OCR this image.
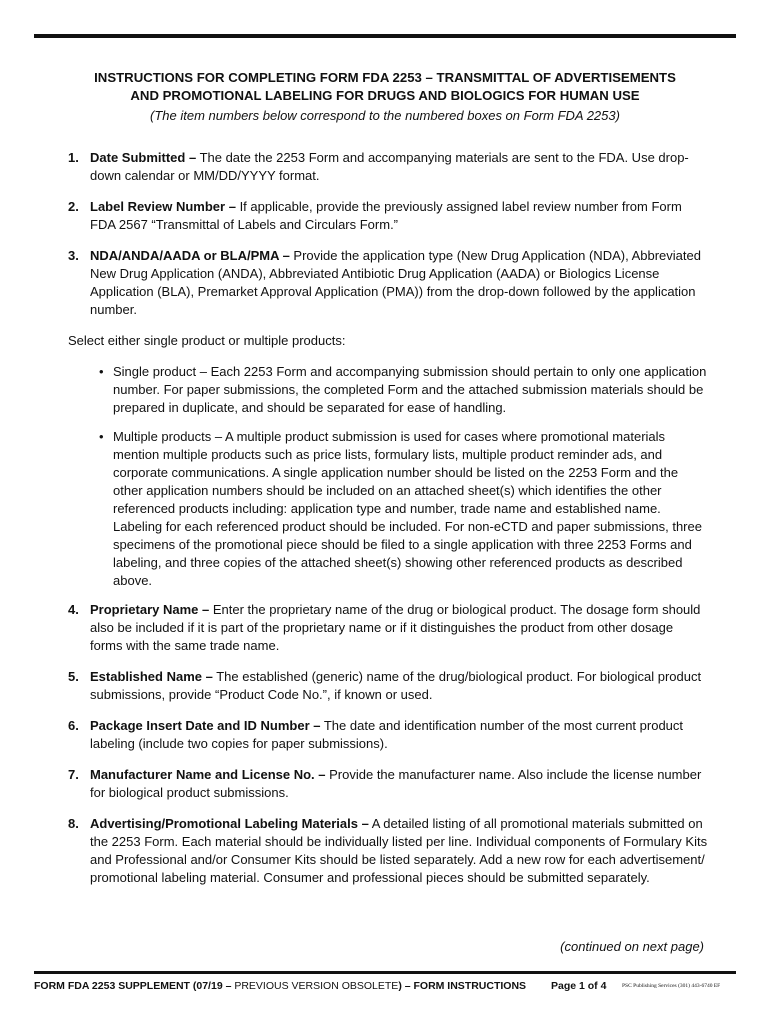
INSTRUCTIONS FOR COMPLETING FORM FDA 2253 – TRANSMITTAL OF ADVERTISEMENTS
AND PROMOTIONAL LABELING FOR DRUGS AND BIOLOGICS FOR HUMAN USE
(The item numbers below correspond to the numbered boxes on Form FDA 2253)
1. Date Submitted – The date the 2253 Form and accompanying materials are sent to the FDA. Use drop- down calendar or MM/DD/YYYY format.
2. Label Review Number – If applicable, provide the previously assigned label review number from Form FDA 2567 “Transmittal of Labels and Circulars Form.”
3. NDA/ANDA/AADA or BLA/PMA – Provide the application type (New Drug Application (NDA), Abbreviated New Drug Application (ANDA), Abbreviated Antibiotic Drug Application (AADA) or Biologics License Application (BLA), Premarket Approval Application (PMA)) from the drop-down followed by the application number.
Select either single product or multiple products:
• Single product – Each 2253 Form and accompanying submission should pertain to only one application number. For paper submissions, the completed Form and the attached submission materials should be prepared in duplicate, and should be separated for ease of handling.
• Multiple products – A multiple product submission is used for cases where promotional materials mention multiple products such as price lists, formulary lists, multiple product reminder ads, and corporate communications. A single application number should be listed on the 2253 Form and the other application numbers should be included on an attached sheet(s) which identifies the other referenced products including: application type and number, trade name and established name. Labeling for each referenced product should be included. For non-eCTD and paper submissions, three specimens of the promotional piece should be filed to a single application with three 2253 Forms and labeling, and three copies of the attached sheet(s) showing other referenced products as described above.
4. Proprietary Name – Enter the proprietary name of the drug or biological product. The dosage form should also be included if it is part of the proprietary name or if it distinguishes the product from other dosage forms with the same trade name.
5. Established Name – The established (generic) name of the drug/biological product. For biological product submissions, provide “Product Code No.”, if known or used.
6. Package Insert Date and ID Number – The date and identification number of the most current product labeling (include two copies for paper submissions).
7. Manufacturer Name and License No. – Provide the manufacturer name. Also include the license number for biological product submissions.
8. Advertising/Promotional Labeling Materials – A detailed listing of all promotional materials submitted on the 2253 Form. Each material should be individually listed per line. Individual components of Formulary Kits and Professional and/or Consumer Kits should be listed separately. Add a new row for each advertisement/ promotional labeling material. Consumer and professional pieces should be submitted separately.
(continued on next page)
FORM FDA 2253 SUPPLEMENT (07/19 – PREVIOUS VERSION OBSOLETE) – FORM INSTRUCTIONS Page 1 of 4	PSC Publishing Services (301) 443-6740 EF
